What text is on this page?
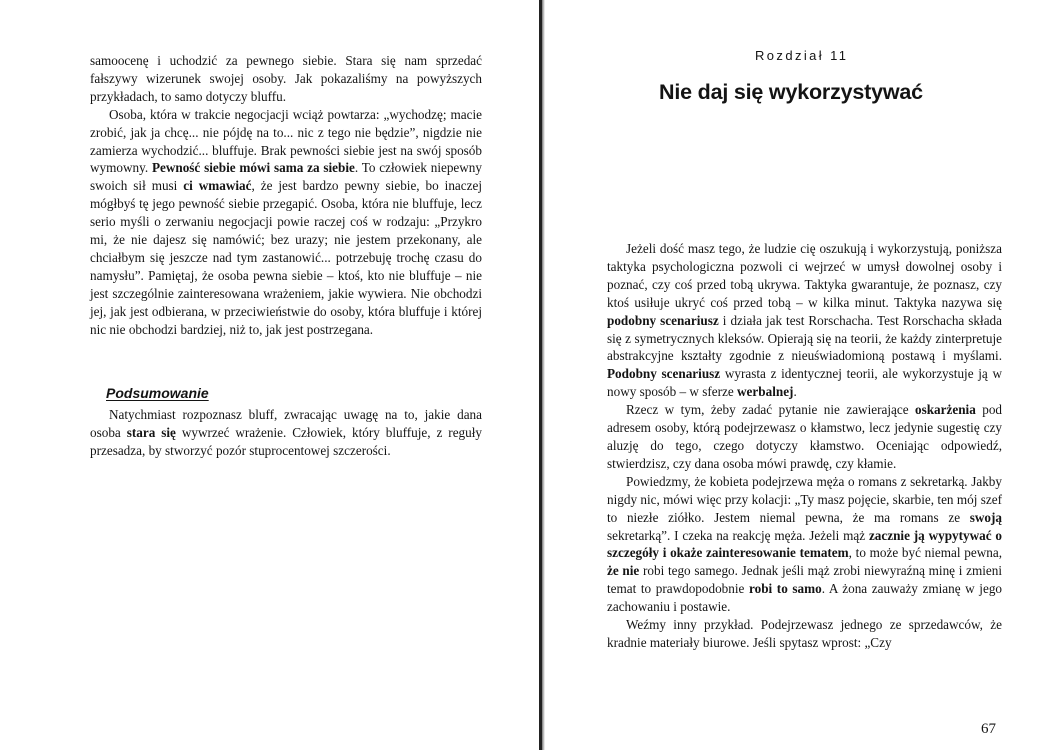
samoocenę i uchodzić za pewnego siebie. Stara się nam sprzedać fałszywy wizerunek swojej osoby. Jak pokazaliśmy na powyższych przykładach, to samo dotyczy bluffu.

Osoba, która w trakcie negocjacji wciąż powtarza: „wychodzę; macie zrobić, jak ja chcę... nie pójdę na to... nic z tego nie będzie”, nigdzie nie zamierza wychodzić... bluffuje. Brak pewności siebie jest na swój sposób wymowny. Pewność siebie mówi sama za siebie. To człowiek niepewny swoich sił musi ci wmawiać, że jest bardzo pewny siebie, bo inaczej mógłbyś tę jego pewność siebie przegapić. Osoba, która nie bluffuje, lecz serio myśli o zerwaniu negocjacji powie raczej coś w rodzaju: „Przykro mi, że nie dajesz się namówić; bez urazy; nie jestem przekonany, ale chciałbym się jeszcze nad tym zastanowić... potrzebuję trochę czasu do namysłu”. Pamiętaj, że osoba pewna siebie – ktoś, kto nie bluffuje – nie jest szczególnie zainteresowana wrażeniem, jakie wywiera. Nie obchodzi jej, jak jest odbierana, w przeciwieństwie do osoby, która bluffuje i której nic nie obchodzi bardziej, niż to, jak jest postrzegana.

Podsumowanie

Natychmiast rozpoznasz bluff, zwracając uwagę na to, jakie dana osoba stara się wywrzeć wrażenie. Człowiek, który bluffuje, z reguły przesadza, by stworzyć pozór stuprocentowej szczerości.

Rozdział 11
Nie daj się wykorzystywać

Jeżeli dość masz tego, że ludzie cię oszukują i wykorzystują, poniższa taktyka psychologiczna pozwoli ci wejrzeć w umysł dowolnej osoby i poznać, czy coś przed tobą ukrywa. Taktyka gwarantuje, że poznasz, czy ktoś usiłuje ukryć coś przed tobą – w kilka minut. Taktyka nazywa się podobny scenariusz i działa jak test Rorschacha. Test Rorschacha składa się z symetrycznych kleksów. Opierają się na teorii, że każdy zinterpretuje abstrakcyjne kształty zgodnie z nieuświadomioną postawą i myślami. Podobny scenariusz wyrasta z identycznej teorii, ale wykorzystuje ją w nowy sposób – w sferze werbalnej.

Rzecz w tym, żeby zadać pytanie nie zawierające oskarżenia pod adresem osoby, którą podejrzewasz o kłamstwo, lecz jedynie sugestię czy aluzję do tego, czego dotyczy kłamstwo. Oceniając odpowiedź, stwierdzisz, czy dana osoba mówi prawdę, czy kłamie.

Powiedzmy, że kobieta podejrzewa męża o romans z sekretarką. Jakby nigdy nic, mówi więc przy kolacji: „Ty masz pojęcie, skarbie, ten mój szef to niezłe ziółko. Jestem niemal pewna, że ma romans ze swoją sekretarką”. I czeka na reakcję męża. Jeżeli mąż zacznie ją wypytywać o szczegóły i okaże zainteresowanie tematem, to może być niemal pewna, że nie robi tego samego. Jednak jeśli mąż zrobi niewyraźną minę i zmieni temat to prawdopodobnie robi to samo. A żona zauważy zmianę w jego zachowaniu i postawie.

Weźmy inny przykład. Podejrzewasz jednego ze sprzedawców, że kradnie materiały biurowe. Jeśli spytasz wprost: „Czy

67
